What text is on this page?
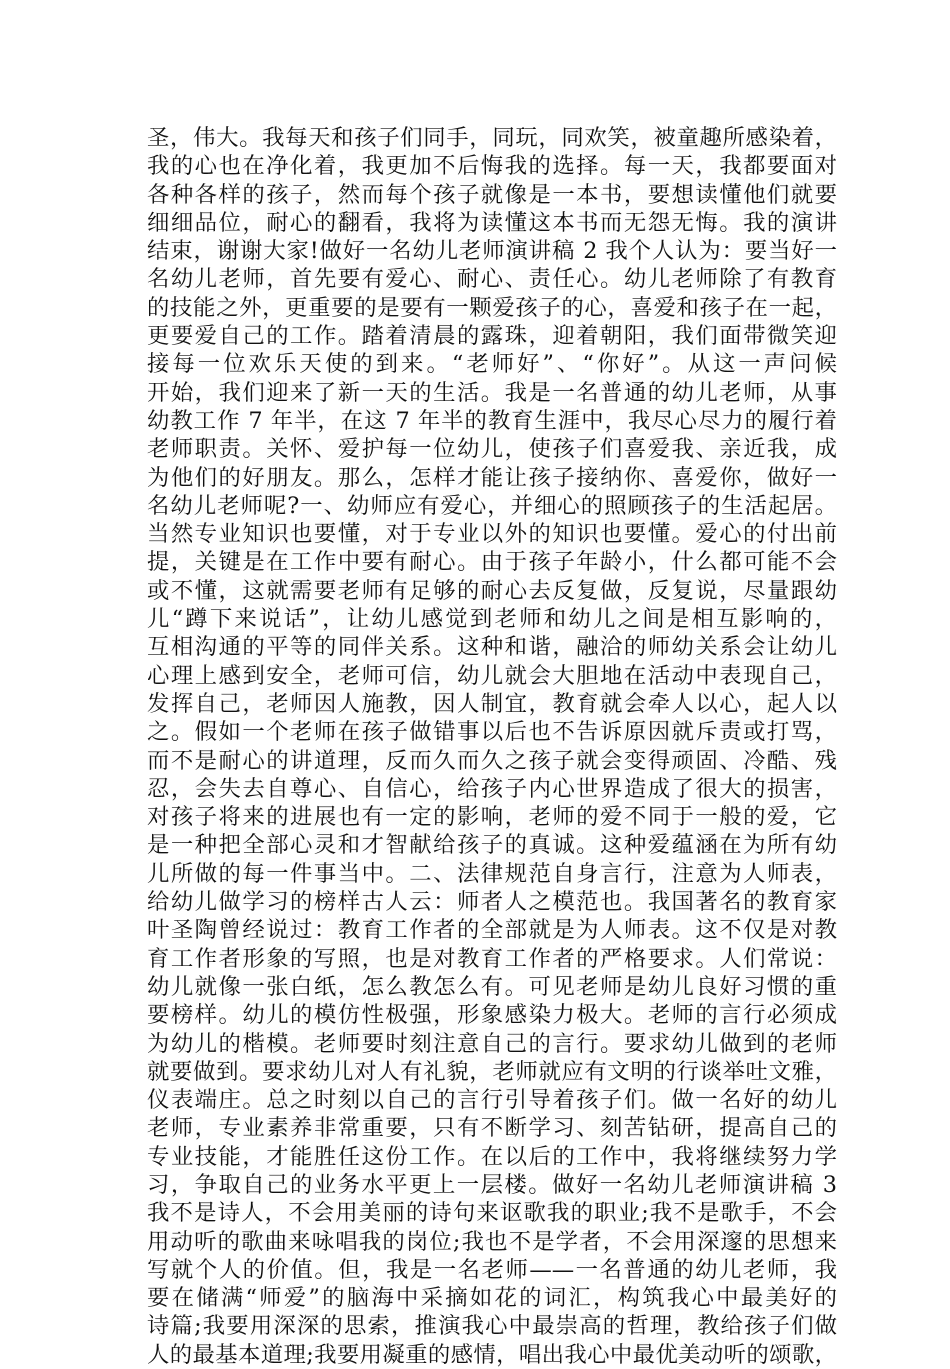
圣，伟大。我每天和孩子们同手，同玩，同欢笑，被童趣所感染着，
我的心也在净化着，我更加不后悔我的选择。每一天，我都要面对
各种各样的孩子，然而每个孩子就像是一本书，要想读懂他们就要
细细品位，耐心的翻看，我将为读懂这本书而无怨无悔。我的演讲
结束，谢谢大家!做好一名幼儿老师演讲稿 2 我个人认为：要当好一
名幼儿老师，首先要有爱心、耐心、责任心。幼儿老师除了有教育
的技能之外，更重要的是要有一颗爱孩子的心，喜爱和孩子在一起，
更要爱自己的工作。踏着清晨的露珠，迎着朝阳，我们面带微笑迎
接每一位欢乐天使的到来。“老师好”、“你好”。从这一声问候
开始，我们迎来了新一天的生活。我是一名普通的幼儿老师，从事
幼教工作 7 年半，在这 7 年半的教育生涯中，我尽心尽力的履行着
老师职责。关怀、爱护每一位幼儿，使孩子们喜爱我、亲近我，成
为他们的好朋友。那么，怎样才能让孩子接纳你、喜爱你，做好一
名幼儿老师呢?一、幼师应有爱心，并细心的照顾孩子的生活起居。
当然专业知识也要懂，对于专业以外的知识也要懂。爱心的付出前
提，关键是在工作中要有耐心。由于孩子年龄小，什么都可能不会
或不懂，这就需要老师有足够的耐心去反复做，反复说，尽量跟幼
儿“蹲下来说话”，让幼儿感觉到老师和幼儿之间是相互影响的，
互相沟通的平等的同伴关系。这种和谐，融洽的师幼关系会让幼儿
心理上感到安全，老师可信，幼儿就会大胆地在活动中表现自己，
发挥自己，老师因人施教，因人制宜，教育就会牵人以心，起人以
之。假如一个老师在孩子做错事以后也不告诉原因就斥责或打骂，
而不是耐心的讲道理，反而久而久之孩子就会变得顽固、冷酷、残
忍，会失去自尊心、自信心，给孩子内心世界造成了很大的损害，
对孩子将来的进展也有一定的影响，老师的爱不同于一般的爱，它
是一种把全部心灵和才智献给孩子的真诚。这种爱蕴涵在为所有幼
儿所做的每一件事当中。二、法律规范自身言行，注意为人师表，
给幼儿做学习的榜样古人云：师者人之模范也。我国著名的教育家
叶圣陶曾经说过：教育工作者的全部就是为人师表。这不仅是对教
育工作者形象的写照，也是对教育工作者的严格要求。人们常说：
幼儿就像一张白纸，怎么教怎么有。可见老师是幼儿良好习惯的重
要榜样。幼儿的模仿性极强，形象感染力极大。老师的言行必须成
为幼儿的楷模。老师要时刻注意自己的言行。要求幼儿做到的老师
就要做到。要求幼儿对人有礼貌，老师就应有文明的行谈举吐文雅，
仪表端庄。总之时刻以自己的言行引导着孩子们。做一名好的幼儿
老师，专业素养非常重要，只有不断学习、刻苦钻研，提高自己的
专业技能，才能胜任这份工作。在以后的工作中，我将继续努力学
习，争取自己的业务水平更上一层楼。做好一名幼儿老师演讲稿 3
我不是诗人，不会用美丽的诗句来讴歌我的职业;我不是歌手，不会
用动听的歌曲来咏唱我的岗位;我也不是学者，不会用深邃的思想来
写就个人的价值。但，我是一名老师——一名普通的幼儿老师，我
要在储满“师爱”的脑海中采摘如花的词汇，构筑我心中最美好的
诗篇;我要用深深的思索，推演我心中最崇高的哲理，教给孩子们做
人的最基本道理;我要用凝重的感情，唱出我心中最优美动听的颂歌，
